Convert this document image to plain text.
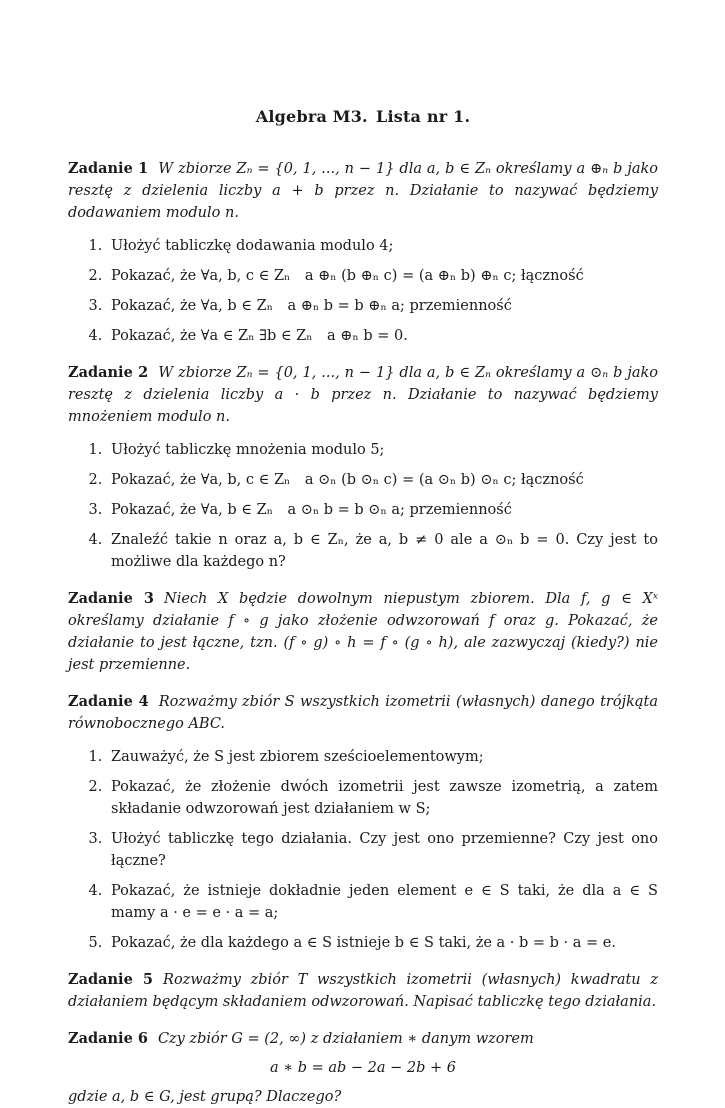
Algebra M3. Lista nr 1.

Zadanie 1 W zbiorze Zₙ = {0, 1, ..., n − 1} dla a, b ∈ Zₙ określamy a ⊕ₙ b jako resztę z dzielenia liczby a + b przez n. Działanie to nazywać będziemy dodawaniem modulo n.

1. Ułożyć tabliczkę dodawania modulo 4;
2. Pokazać, że ∀a, b, c ∈ Zₙ a ⊕ₙ (b ⊕ₙ c) = (a ⊕ₙ b) ⊕ₙ c; łączność
3. Pokazać, że ∀a, b ∈ Zₙ a ⊕ₙ b = b ⊕ₙ a; przemienność
4. Pokazać, że ∀a ∈ Zₙ ∃b ∈ Zₙ a ⊕ₙ b = 0.

Zadanie 2 W zbiorze Zₙ = {0, 1, ..., n − 1} dla a, b ∈ Zₙ określamy a ⊙ₙ b jako resztę z dzielenia liczby a · b przez n. Działanie to nazywać będziemy mnożeniem modulo n.

1. Ułożyć tabliczkę mnożenia modulo 5;
2. Pokazać, że ∀a, b, c ∈ Zₙ a ⊙ₙ (b ⊙ₙ c) = (a ⊙ₙ b) ⊙ₙ c; łączność
3. Pokazać, że ∀a, b ∈ Zₙ a ⊙ₙ b = b ⊙ₙ a; przemienność
4. Znaleźć takie n oraz a, b ∈ Zₙ, że a, b ≠ 0 ale a ⊙ₙ b = 0. Czy jest to możliwe dla każdego n?

Zadanie 3 Niech X będzie dowolnym niepustym zbiorem. Dla f, g ∈ Xˣ określamy działanie f ∘ g jako złożenie odwzorowań f oraz g. Pokazać, że działanie to jest łączne, tzn. (f ∘ g) ∘ h = f ∘ (g ∘ h), ale zazwyczaj (kiedy?) nie jest przemienne.

Zadanie 4 Rozważmy zbiór S wszystkich izometrii (własnych) danego trójkąta równobocznego ABC.

1. Zauważyć, że S jest zbiorem sześcioelementowym;
2. Pokazać, że złożenie dwóch izometrii jest zawsze izometrią, a zatem składanie odwzorowań jest działaniem w S;
3. Ułożyć tabliczkę tego działania. Czy jest ono przemienne? Czy jest ono łączne?
4. Pokazać, że istnieje dokładnie jeden element e ∈ S taki, że dla a ∈ S mamy a · e = e · a = a;
5. Pokazać, że dla każdego a ∈ S istnieje b ∈ S taki, że a · b = b · a = e.

Zadanie 5 Rozważmy zbiór T wszystkich izometrii (własnych) kwadratu z działaniem będącym składaniem odwzorowań. Napisać tabliczkę tego działania.

Zadanie 6 Czy zbiór G = (2, ∞) z działaniem ∗ danym wzorem

a ∗ b = ab − 2a − 2b + 6

gdzie a, b ∈ G, jest grupą? Dlaczego?
